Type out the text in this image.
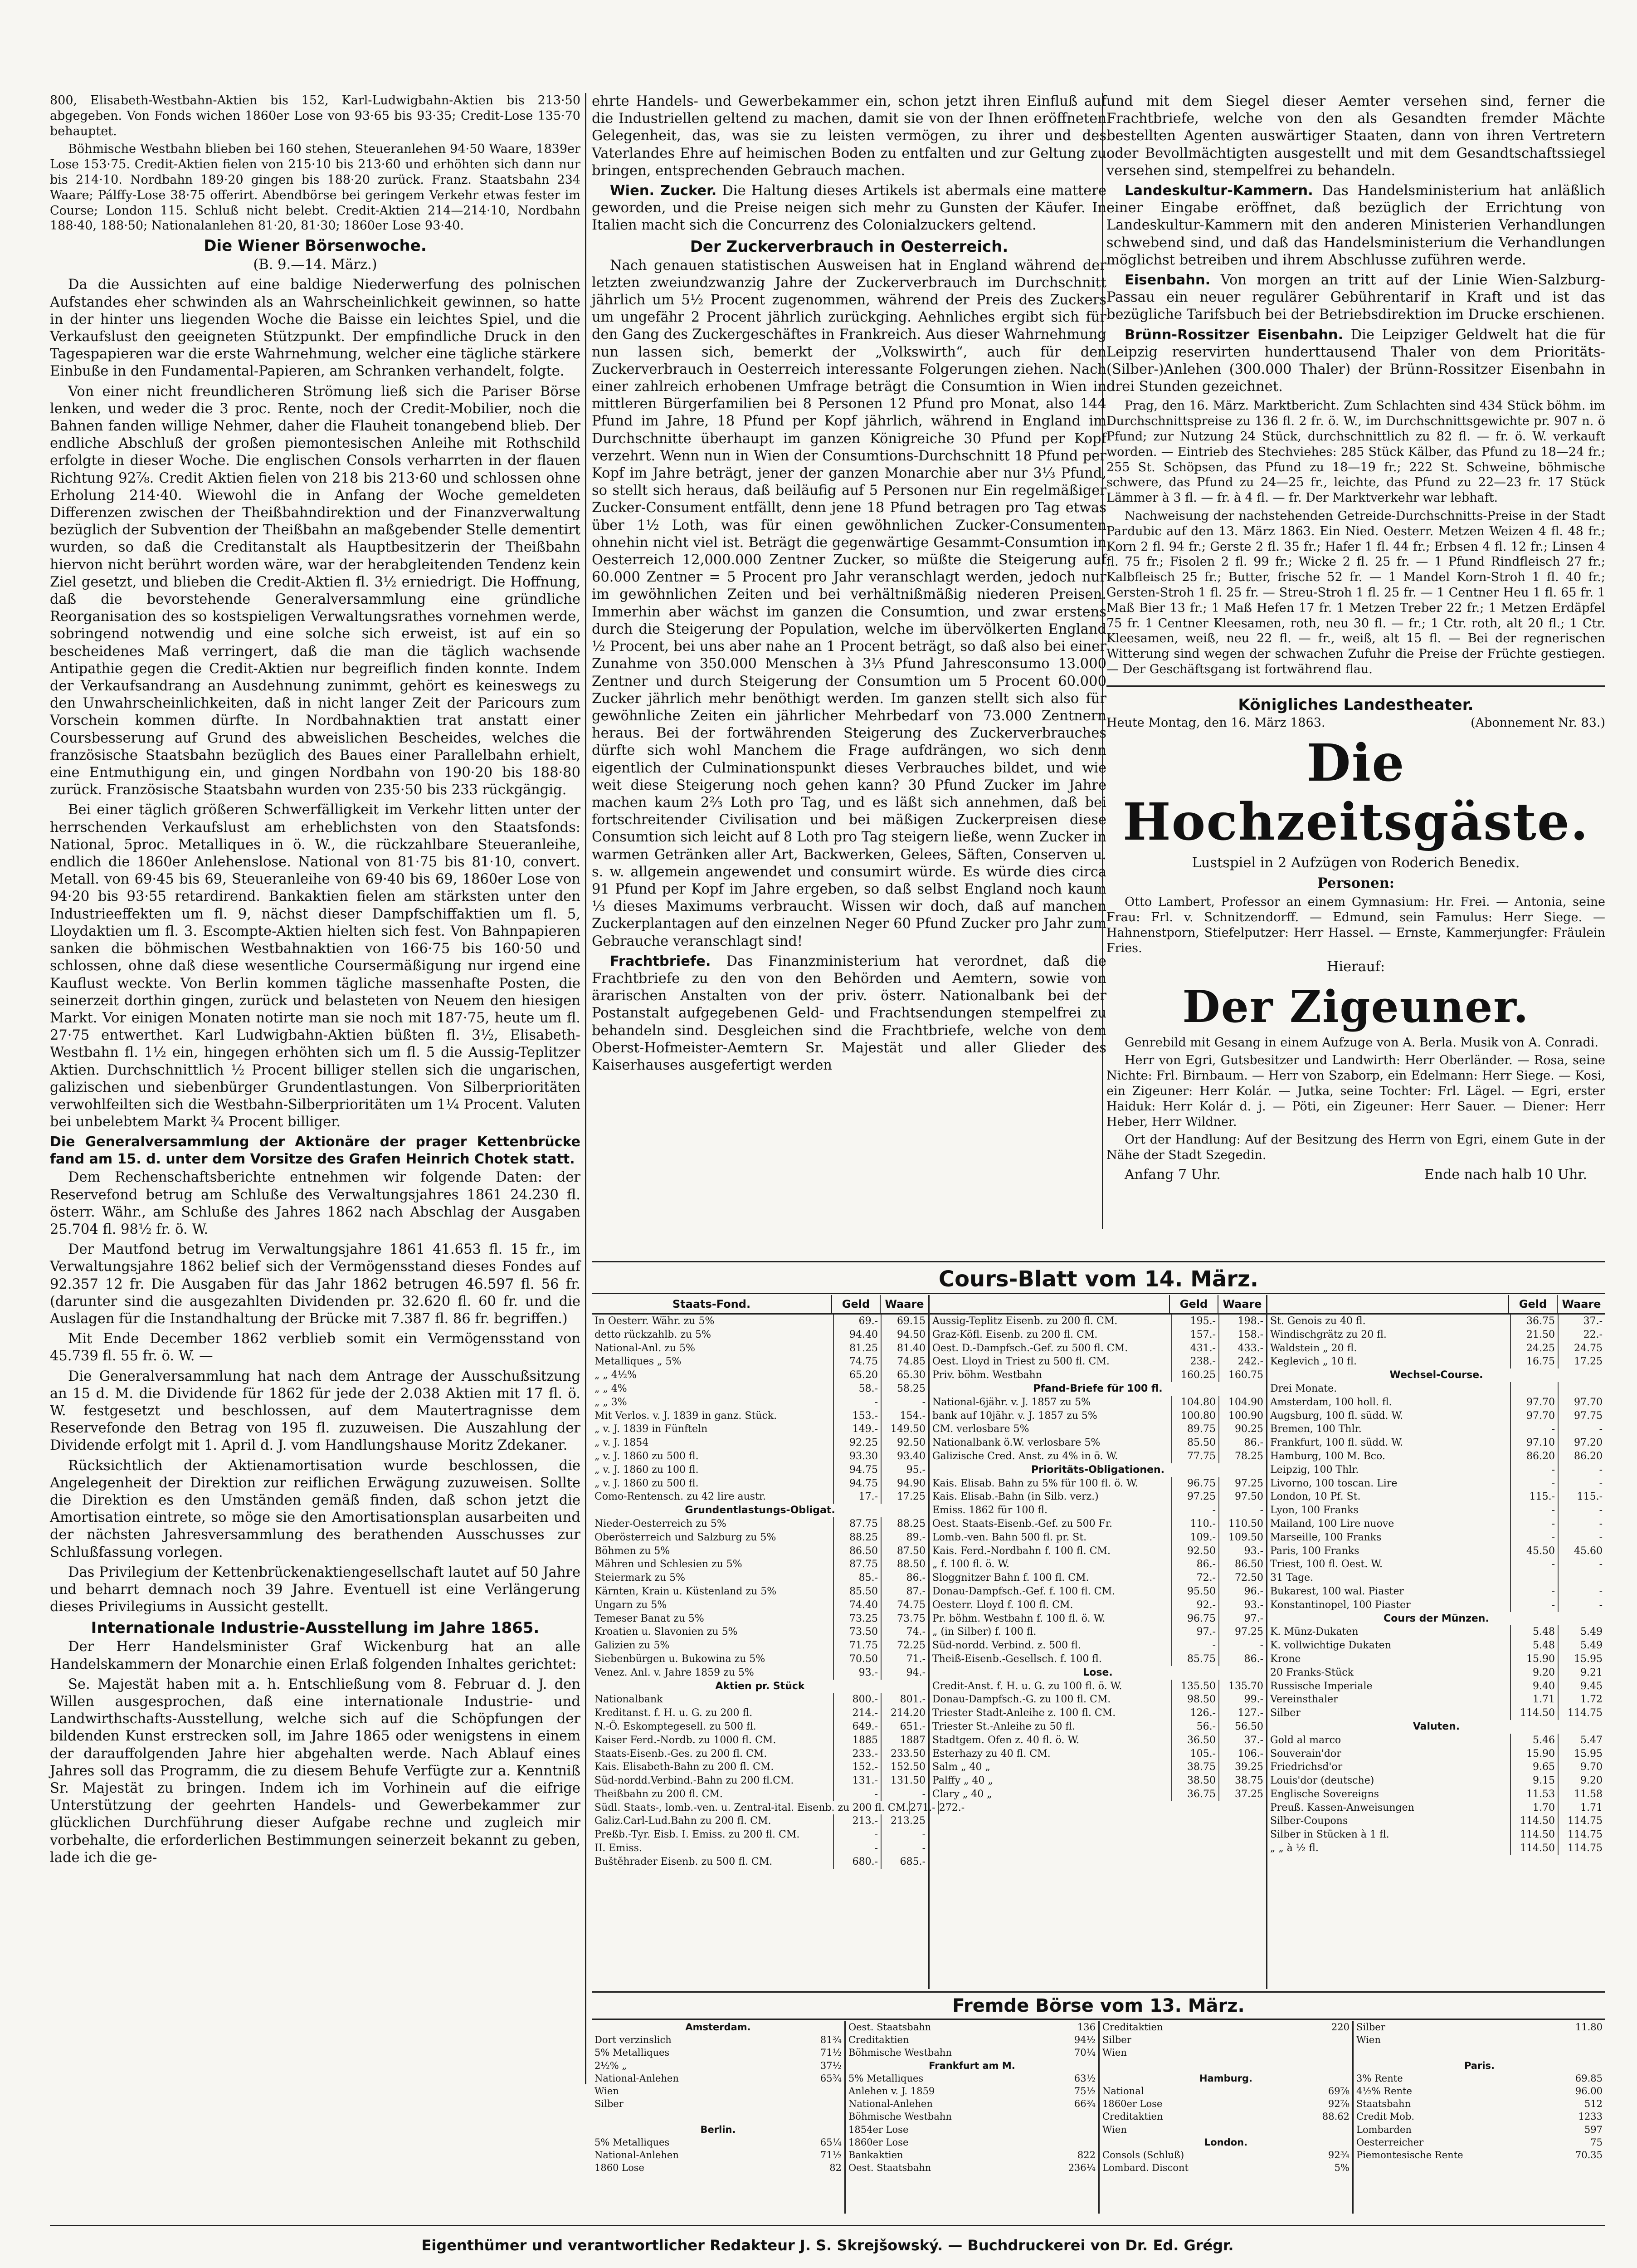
800, Elisabeth-Westbahn-Aktien bis 152, Karl-Ludwigbahn-Aktien bis 213·50 abgegeben. Von Fonds wichen 1860er Lose von 93·65 bis 93·35; Credit-Lose 135·70 behauptet.

Böhmische Westbahn blieben bei 160 stehen, Steueranlehen 94·50 Waare, 1839er Lose 153·75. Credit-Aktien fielen von 215·10 bis 213·60 und erhöhten sich dann nur bis 214·10. Nordbahn 189·20 gingen bis 188·20 zurück. Franz. Staatsbahn 234 Waare; Pálffy-Lose 38·75 offerirt. Abendbörse bei geringem Verkehr etwas fester im Course; London 115. Schluß nicht belebt. Credit-Aktien 214—214·10, Nordbahn 188·40, 188·50; Nationalanlehen 81·20, 81·30; 1860er Lose 93·40.

Die Wiener Börsenwoche.
(B. 9.—14. März.)

Da die Aussichten auf eine baldige Niederwerfung des polnischen Aufstandes eher schwinden als an Wahrscheinlichkeit gewinnen, so hatte in der hinter uns liegenden Woche die Baisse ein leichtes Spiel, und die Verkaufslust den geeigneten Stützpunkt. Der empfindliche Druck in den Tagespapieren war die erste Wahrnehmung, welcher eine tägliche stärkere Einbuße in den Fundamental-Papieren, am Schranken verhandelt, folgte.

Von einer nicht freundlicheren Strömung ließ sich die Pariser Börse lenken, und weder die 3 proc. Rente, noch der Credit-Mobilier, noch die Bahnen fanden willige Nehmer, daher die Flauheit tonangebend blieb. Der endliche Abschluß der großen piemontesischen Anleihe mit Rothschild erfolgte in dieser Woche. Die englischen Consols verharrten in der flauen Richtung 92⅞. Credit Aktien fielen von 218 bis 213·60 und schlossen ohne Erholung 214·40. Wiewohl die in Anfang der Woche gemeldeten Differenzen zwischen der Theißbahndirektion und der Finanzverwaltung bezüglich der Subvention der Theißbahn an maßgebender Stelle dementirt wurden, so daß die Creditanstalt als Hauptbesitzerin der Theißbahn hiervon nicht berührt worden wäre, war der herabgleitenden Tendenz kein Ziel gesetzt, und blieben die Credit-Aktien fl. 3½ erniedrigt. Die Hoffnung, daß die bevorstehende Generalversammlung eine gründliche Reorganisation des so kostspieligen Verwaltungsrathes vornehmen werde, sobringend notwendig und eine solche sich erweist, ist auf ein so bescheidenes Maß verringert, daß die man die täglich wachsende Antipathie gegen die Credit-Aktien nur begreiflich finden konnte. Indem der Verkaufsandrang an Ausdehnung zunimmt, gehört es keineswegs zu den Unwahrscheinlichkeiten, daß in nicht langer Zeit der Paricours zum Vorschein kommen dürfte. In Nordbahnaktien trat anstatt einer Coursbesserung auf Grund des abweislichen Bescheides, welches die französische Staatsbahn bezüglich des Baues einer Parallelbahn erhielt, eine Entmuthigung ein, und gingen Nordbahn von 190·20 bis 188·80 zurück. Französische Staatsbahn wurden von 235·50 bis 233 rückgängig.

Bei einer täglich größeren Schwerfälligkeit im Verkehr litten unter der herrschenden Verkaufslust am erheblichsten von den Staatsfonds: National, 5proc. Metalliques in ö. W., die rückzahlbare Steueranleihe, endlich die 1860er Anlehenslose. National von 81·75 bis 81·10, convert. Metall. von 69·45 bis 69, Steueranleihe von 69·40 bis 69, 1860er Lose von 94·20 bis 93·55 retardirend. Bankaktien fielen am stärksten unter den Industrieeffekten um fl. 9, nächst dieser Dampfschiffaktien um fl. 5, Lloydaktien um fl. 3. Escompte-Aktien hielten sich fest. Von Bahnpapieren sanken die böhmischen Westbahnaktien von 166·75 bis 160·50 und schlossen, ohne daß diese wesentliche Coursermäßigung nur irgend eine Kauflust weckte. Von Berlin kommen tägliche massenhafte Posten, die seinerzeit dorthin gingen, zurück und belasteten von Neuem den hiesigen Markt. Vor einigen Monaten notirte man sie noch mit 187·75, heute um fl. 27·75 entwerthet. Karl Ludwigbahn-Aktien büßten fl. 3½, Elisabeth-Westbahn fl. 1½ ein, hingegen erhöhten sich um fl. 5 die Aussig-Teplitzer Aktien. Durchschnittlich ½ Procent billiger stellen sich die ungarischen, galizischen und siebenbürger Grundentlastungen. Von Silberprioritäten verwohlfeilten sich die Westbahn-Silberprioritäten um 1¼ Procent. Valuten bei unbelebtem Markt ¾ Procent billiger.

Die Generalversammlung der Aktionäre der prager Kettenbrücke fand am 15. d. unter dem Vorsitze des Grafen Heinrich Chotek statt.

Dem Rechenschaftsberichte entnehmen wir folgende Daten: der Reservefond betrug am Schluße des Verwaltungsjahres 1861 24.230 fl. österr. Währ., am Schluße des Jahres 1862 nach Abschlag der Ausgaben 25.704 fl. 98½ fr. ö. W.

Der Mautfond betrug im Verwaltungsjahre 1861 41.653 fl. 15 fr., im Verwaltungsjahre 1862 belief sich der Vermögensstand dieses Fondes auf 92.357 12 fr. Die Ausgaben für das Jahr 1862 betrugen 46.597 fl. 56 fr. (darunter sind die ausgezahlten Dividenden pr. 32.620 fl. 60 fr. und die Auslagen für die Instandhaltung der Brücke mit 7.387 fl. 86 fr. begriffen.)

Mit Ende December 1862 verblieb somit ein Vermögensstand von 45.739 fl. 55 fr. ö. W. —

Die Generalversammlung hat nach dem Antrage der Ausschußsitzung an 15 d. M. die Dividende für 1862 für jede der 2.038 Aktien mit 17 fl. ö. W. festgesetzt und beschlossen, auf dem Mautertragnisse dem Reservefonde den Betrag von 195 fl. zuzuweisen. Die Auszahlung der Dividende erfolgt mit 1. April d. J. vom Handlungshause Moritz Zdekaner.

Rücksichtlich der Aktienamortisation wurde beschlossen, die Angelegenheit der Direktion zur reiflichen Erwägung zuzuweisen. Sollte die Direktion es den Umständen gemäß finden, daß schon jetzt die Amortisation eintrete, so möge sie den Amortisationsplan ausarbeiten und der nächsten Jahresversammlung des berathenden Ausschusses zur Schlußfassung vorlegen.

Das Privilegium der Kettenbrückenaktiengesellschaft lautet auf 50 Jahre und beharrt demnach noch 39 Jahre. Eventuell ist eine Verlängerung dieses Privilegiums in Aussicht gestellt.

Internationale Industrie-Ausstellung im Jahre 1865.

Der Herr Handelsminister Graf Wickenburg hat an alle Handelskammern der Monarchie einen Erlaß folgenden Inhaltes gerichtet:

Se. Majestät haben mit a. h. Entschließung vom 8. Februar d. J. den Willen ausgesprochen, daß eine internationale Industrie- und Landwirthschafts-Ausstellung, welche sich auf die Schöpfungen der bildenden Kunst erstrecken soll, im Jahre 1865 oder wenigstens in einem der darauffolgenden Jahre hier abgehalten werde. Nach Ablauf eines Jahres soll das Programm, die zu diesem Behufe Verfügte zur a. Kenntniß Sr. Majestät zu bringen. Indem ich im Vorhinein auf die eifrige Unterstützung der geehrten Handels- und Gewerbekammer zur glücklichen Durchführung dieser Aufgabe rechne und zugleich mir vorbehalte, die erforderlichen Bestimmungen seinerzeit bekannt zu geben, lade ich die ge-

ehrte Handels- und Gewerbekammer ein, schon jetzt ihren Einfluß auf die Industriellen geltend zu machen, damit sie von der Ihnen eröffneten Gelegenheit, das, was sie zu leisten vermögen, zu ihrer und des Vaterlandes Ehre auf heimischen Boden zu entfalten und zur Geltung zu bringen, entsprechenden Gebrauch machen.

Wien. Zucker. Die Haltung dieses Artikels ist abermals eine mattere geworden, und die Preise neigen sich mehr zu Gunsten der Käufer. In Italien macht sich die Concurrenz des Colonialzuckers geltend.

Der Zuckerverbrauch in Oesterreich.

Nach genauen statistischen Ausweisen hat in England während der letzten zweiundzwanzig Jahre der Zuckerverbrauch im Durchschnitt jährlich um 5½ Procent zugenommen, während der Preis des Zuckers um ungefähr 2 Procent jährlich zurückging. Aehnliches ergibt sich für den Gang des Zuckergeschäftes in Frankreich. Aus dieser Wahrnehmung nun lassen sich, bemerkt der „Volkswirth“, auch für den Zuckerverbrauch in Oesterreich interessante Folgerungen ziehen. Nach einer zahlreich erhobenen Umfrage beträgt die Consumtion in Wien in mittleren Bürgerfamilien bei 8 Personen 12 Pfund pro Monat, also 144 Pfund im Jahre, 18 Pfund per Kopf jährlich, während in England im Durchschnitte überhaupt im ganzen Königreiche 30 Pfund per Kopf verzehrt. Wenn nun in Wien der Consumtions-Durchschnitt 18 Pfund per Kopf im Jahre beträgt, jener der ganzen Monarchie aber nur 3⅓ Pfund, so stellt sich heraus, daß beiläufig auf 5 Personen nur Ein regelmäßiger Zucker-Consument entfällt, denn jene 18 Pfund betragen pro Tag etwas über 1½ Loth, was für einen gewöhnlichen Zucker-Consumenten ohnehin nicht viel ist. Beträgt die gegenwärtige Gesammt-Consumtion in Oesterreich 12,000.000 Zentner Zucker, so müßte die Steigerung auf 60.000 Zentner = 5 Procent pro Jahr veranschlagt werden, jedoch nur im gewöhnlichen Zeiten und bei verhältnißmäßig niederen Preisen. Immerhin aber wächst im ganzen die Consumtion, und zwar erstens durch die Steigerung der Population, welche im übervölkerten England ½ Procent, bei uns aber nahe an 1 Procent beträgt, so daß also bei einer Zunahme von 350.000 Menschen à 3⅓ Pfund Jahresconsumo 13.000 Zentner und durch Steigerung der Consumtion um 5 Procent 60.000 Zucker jährlich mehr benöthigt werden. Im ganzen stellt sich also für gewöhnliche Zeiten ein jährlicher Mehrbedarf von 73.000 Zentnern heraus. Bei der fortwährenden Steigerung des Zuckerverbrauches dürfte sich wohl Manchem die Frage aufdrängen, wo sich denn eigentlich der Culminationspunkt dieses Verbrauches bildet, und wie weit diese Steigerung noch gehen kann? 30 Pfund Zucker im Jahre machen kaum 2⅔ Loth pro Tag, und es läßt sich annehmen, daß bei fortschreitender Civilisation und bei mäßigen Zuckerpreisen diese Consumtion sich leicht auf 8 Loth pro Tag steigern ließe, wenn Zucker in warmen Getränken aller Art, Backwerken, Gelees, Säften, Conserven u. s. w. allgemein angewendet und consumirt würde. Es würde dies circa 91 Pfund per Kopf im Jahre ergeben, so daß selbst England noch kaum ⅓ dieses Maximums verbraucht. Wissen wir doch, daß auf manchen Zuckerplantagen auf den einzelnen Neger 60 Pfund Zucker pro Jahr zum Gebrauche veranschlagt sind!

Frachtbriefe. Das Finanzministerium hat verordnet, daß die Frachtbriefe zu den von den Behörden und Aemtern, sowie von ärarischen Anstalten von der priv. österr. Nationalbank bei der Postanstalt aufgegebenen Geld- und Frachtsendungen stempelfrei zu behandeln sind. Desgleichen sind die Frachtbriefe, welche von dem Oberst-Hofmeister-Aemtern Sr. Majestät und aller Glieder des Kaiserhauses ausgefertigt werden

und mit dem Siegel dieser Aemter versehen sind, ferner die Frachtbriefe, welche von den als Gesandten fremder Mächte bestellten Agenten auswärtiger Staaten, dann von ihren Vertretern oder Bevollmächtigten ausgestellt und mit dem Gesandtschaftssiegel versehen sind, stempelfrei zu behandeln.

Landeskultur-Kammern. Das Handelsministerium hat anläßlich einer Eingabe eröffnet, daß bezüglich der Errichtung von Landeskultur-Kammern mit den anderen Ministerien Verhandlungen schwebend sind, und daß das Handelsministerium die Verhandlungen möglichst betreiben und ihrem Abschlusse zuführen werde.

Eisenbahn. Von morgen an tritt auf der Linie Wien-Salzburg-Passau ein neuer regulärer Gebührentarif in Kraft und ist das bezügliche Tarifsbuch bei der Betriebsdirektion im Drucke erschienen.

Brünn-Rossitzer Eisenbahn. Die Leipziger Geldwelt hat die für Leipzig reservirten hunderttausend Thaler von dem Prioritäts-(Silber-)Anlehen (300.000 Thaler) der Brünn-Rossitzer Eisenbahn in drei Stunden gezeichnet.

Prag, den 16. März. Marktbericht. Zum Schlachten sind 434 Stück böhm. im Durchschnittspreise zu 136 fl. 2 fr. ö. W., im Durchschnittsgewichte pr. 907 n. ö Pfund; zur Nutzung 24 Stück, durchschnittlich zu 82 fl. — fr. ö. W. verkauft worden. — Eintrieb des Stechviehes: 285 Stück Kälber, das Pfund zu 18—24 fr.; 255 St. Schöpsen, das Pfund zu 18—19 fr.; 222 St. Schweine, böhmische schwere, das Pfund zu 24—25 fr., leichte, das Pfund zu 22—23 fr. 17 Stück Lämmer à 3 fl. — fr. à 4 fl. — fr. Der Marktverkehr war lebhaft.

Nachweisung der nachstehenden Getreide-Durchschnitts-Preise in der Stadt Pardubic auf den 13. März 1863. Ein Nied. Oesterr. Metzen Weizen 4 fl. 48 fr.; Korn 2 fl. 94 fr.; Gerste 2 fl. 35 fr.; Hafer 1 fl. 44 fr.; Erbsen 4 fl. 12 fr.; Linsen 4 fl. 75 fr.; Fisolen 2 fl. 99 fr.; Wicke 2 fl. 25 fr. — 1 Pfund Rindfleisch 27 fr.; Kalbfleisch 25 fr.; Butter, frische 52 fr. — 1 Mandel Korn-Stroh 1 fl. 40 fr.; Gersten-Stroh 1 fl. 25 fr. — Streu-Stroh 1 fl. 25 fr. — 1 Centner Heu 1 fl. 65 fr. 1 Maß Bier 13 fr.; 1 Maß Hefen 17 fr. 1 Metzen Treber 22 fr.; 1 Metzen Erdäpfel 75 fr. 1 Centner Kleesamen, roth, neu 30 fl. — fr.; 1 Ctr. roth, alt 20 fl.; 1 Ctr. Kleesamen, weiß, neu 22 fl. — fr., weiß, alt 15 fl. — Bei der regnerischen Witterung sind wegen der schwachen Zufuhr die Preise der Früchte gestiegen. — Der Geschäftsgang ist fortwährend flau.

Königliches Landestheater.
Heute Montag, den 16. März 1863.	(Abonnement Nr. 83.)
Die Hochzeitsgäste.
Lustspiel in 2 Aufzügen von Roderich Benedix.
Personen:

Otto Lambert, Professor an einem Gymnasium: Hr. Frei. — Antonia, seine Frau: Frl. v. Schnitzendorff. — Edmund, sein Famulus: Herr Siege. — Hahnenstporn, Stiefelputzer: Herr Hassel. — Ernste, Kammerjungfer: Fräulein Fries.

Hierauf:
Der Zigeuner.

Genrebild mit Gesang in einem Aufzuge von A. Berla. Musik von A. Conradi.

Herr von Egri, Gutsbesitzer und Landwirth: Herr Oberländer. — Rosa, seine Nichte: Frl. Birnbaum. — Herr von Szaborp, ein Edelmann: Herr Siege. — Kosi, ein Zigeuner: Herr Kolár. — Jutka, seine Tochter: Frl. Lägel. — Egri, erster Haiduk: Herr Kolár d. j. — Pöti, ein Zigeuner: Herr Sauer. — Diener: Herr Heber, Herr Wildner.

Ort der Handlung: Auf der Besitzung des Herrn von Egri, einem Gute in der Nähe der Stadt Szegedin.

Anfang 7 Uhr.	Ende nach halb 10 Uhr.
Cours-Blatt vom 14. März.
Staats-Fond.	Geld	Waare
In Oesterr. Währ. zu 5%	69.-	69.15
detto rückzahlb. zu 5%	94.40	94.50
National-Anl. zu 5%	81.25	81.40
Metalliques „ 5%	74.75	74.85
„ „ 4½%	65.20	65.30
„ „ 4%	58.-	58.25
„ „ 3%	-	-
Mit Verlos. v. J. 1839 in ganz. Stück.	153.-	154.-
„ v. J. 1839 in Fünfteln	149.-	149.50
„ v. J. 1854	92.25	92.50
„ v. J. 1860 zu 500 fl.	93.30	93.40
„ v. J. 1860 zu 100 fl.	94.75	95.-
„ v. J. 1860 zu 500 fl.	94.75	94.90
Como-Rentensch. zu 42 lire austr.	17.-	17.25
Grundentlastungs-Obligat.
Nieder-Oesterreich zu 5%	87.75	88.25
Oberösterreich und Salzburg zu 5%	88.25	89.-
Böhmen zu 5%	86.50	87.50
Mähren und Schlesien zu 5%	87.75	88.50
Steiermark zu 5%	85.-	86.-
Kärnten, Krain u. Küstenland zu 5%	85.50	87.-
Ungarn zu 5%	74.40	74.75
Temeser Banat zu 5%	73.25	73.75
Kroatien u. Slavonien zu 5%	73.50	74.-
Galizien zu 5%	71.75	72.25
Siebenbürgen u. Bukowina zu 5%	70.50	71.-
Venez. Anl. v. Jahre 1859 zu 5%	93.-	94.-
Aktien pr. Stück
Nationalbank	800.-	801.-
Kreditanst. f. H. u. G. zu 200 fl.	214.-	214.20
N.-Ö. Eskomptegesell. zu 500 fl.	649.-	651.-
Kaiser Ferd.-Nordb. zu 1000 fl. CM.	1885	1887
Staats-Eisenb.-Ges. zu 200 fl. CM.	233.-	233.50
Kais. Elisabeth-Bahn zu 200 fl. CM.	152.-	152.50
Süd-nordd.Verbind.-Bahn zu 200 fl.CM.	131.-	131.50
Theißbahn zu 200 fl. CM.	-	-
Südl. Staats-, lomb.-ven. u. Zentral-ital. Eisenb. zu 200 fl. CM. 271.- 272.-
Galiz.Carl-Lud.Bahn zu 200 fl. CM.	213.-	213.25
Preßb.-Tyr. Eisb. I. Emiss. zu 200 fl. CM.	-	-
II. Emiss.	-	-
Buštěhrader Eisenb. zu 500 fl. CM.	680.-	685.-
Geld	Waare
Aussig-Teplitz Eisenb. zu 200 fl. CM.	195.-	198.-
Graz-Köfl. Eisenb. zu 200 fl. CM.	157.-	158.-
Oest. D.-Dampfsch.-Gef. zu 500 fl. CM.	431.-	433.-
Oest. Lloyd in Triest zu 500 fl. CM.	238.-	242.-
Priv. böhm. Westbahn	160.25	160.75
Pfand-Briefe für 100 fl.
National-6jähr. v. J. 1857 zu 5%	104.80	104.90
bank auf 10jähr. v. J. 1857 zu 5%	100.80	100.90
CM. verlosbare 5%	89.75	90.25
Nationalbank ö.W. verlosbare 5%	85.50	86.-
Galizische Cred. Anst. zu 4% in ö. W.	77.75	78.25
Prioritäts-Obligationen.
Kais. Elisab. Bahn zu 5% für 100 fl. ö. W.	96.75	97.25
Kais. Elisab.-Bahn (in Silb. verz.)	97.25	97.50
Emiss. 1862 für 100 fl.	-	-
Oest. Staats-Eisenb.-Gef. zu 500 Fr.	110.-	110.50
Lomb.-ven. Bahn 500 fl. pr. St.	109.-	109.50
Kais. Ferd.-Nordbahn f. 100 fl. CM.	92.50	93.-
„ f. 100 fl. ö. W.	86.-	86.50
Sloggnitzer Bahn f. 100 fl. CM.	72.-	72.50
Donau-Dampfsch.-Gef. f. 100 fl. CM.	95.50	96.-
Oesterr. Lloyd f. 100 fl. CM.	92.-	93.-
Pr. böhm. Westbahn f. 100 fl. ö. W.	96.75	97.-
„ (in Silber) f. 100 fl.	97.-	97.25
Süd-nordd. Verbind. z. 500 fl.	-	-
Theiß-Eisenb.-Gesellsch. f. 100 fl.	85.75	86.-
Lose.
Credit-Anst. f. H. u. G. zu 100 fl. ö. W.	135.50	135.70
Donau-Dampfsch.-G. zu 100 fl. CM.	98.50	99.-
Triester Stadt-Anleihe z. 100 fl. CM.	126.-	127.-
Triester St.-Anleihe zu 50 fl.	56.-	56.50
Stadtgem. Ofen z. 40 fl. ö. W.	36.50	37.-
Esterhazy zu 40 fl. CM.	105.-	106.-
Salm „ 40 „	38.75	39.25
Palffy „ 40 „	38.50	38.75
Clary „ 40 „	36.75	37.25
Geld	Waare
St. Genois zu 40 fl.	36.75	37.-
Windischgrätz zu 20 fl.	21.50	22.-
Waldstein „ 20 fl.	24.25	24.75
Keglevich „ 10 fl.	16.75	17.25
Wechsel-Course.
Drei Monate.
Amsterdam, 100 holl. fl.	97.70	97.70
Augsburg, 100 fl. südd. W.	97.70	97.75
Bremen, 100 Thlr.	-	-
Frankfurt, 100 fl. südd. W.	97.10	97.20
Hamburg, 100 M. Bco.	86.20	86.20
Leipzig, 100 Thlr.	-	-
Livorno, 100 toscan. Lire	-	-
London, 10 Pf. St.	115.-	115.-
Lyon, 100 Franks	-	-
Mailand, 100 Lire nuove	-	-
Marseille, 100 Franks	-	-
Paris, 100 Franks	45.50	45.60
Triest, 100 fl. Oest. W.	-	-
31 Tage.
Bukarest, 100 wal. Piaster	-	-
Konstantinopel, 100 Piaster	-	-
Cours der Münzen.
K. Münz-Dukaten	5.48	5.49
K. vollwichtige Dukaten	5.48	5.49
Krone	15.90	15.95
20 Franks-Stück	9.20	9.21
Russische Imperiale	9.40	9.45
Vereinsthaler	1.71	1.72
Silber	114.50	114.75
Valuten.
Gold al marco	5.46	5.47
Souverain'dor	15.90	15.95
Friedrichsd'or	9.65	9.70
Louis'dor (deutsche)	9.15	9.20
Englische Sovereigns	11.53	11.58
Preuß. Kassen-Anweisungen	1.70	1.71
Silber-Coupons	114.50	114.75
Silber in Stücken à 1 fl.	114.50	114.75
„ „ à ½ fl.	114.50	114.75
Fremde Börse vom 13. März.
Amsterdam.
Dort verzinslich	81¾
5% Metalliques	71½
2½% „	37½
National-Anlehen	65¾
Wien
Silber
Berlin.
5% Metalliques	65¼
National-Anlehen	71½
1860 Lose	82
Oest. Staatsbahn	136
Creditaktien	94½
Böhmische Westbahn	70¼
Frankfurt am M.
5% Metalliques	63½
Anlehen v. J. 1859	75½
National-Anlehen	66¾
Böhmische Westbahn
1854er Lose
1860er Lose
Bankaktien	822
Oest. Staatsbahn	236¼
Creditaktien	220
Silber
Wien
Hamburg.
National	69⅞
1860er Lose	92⅞
Creditaktien	88.62
Wien
London.
Consols (Schluß)	92¾
Lombard. Discont	5%
Silber	11.80
Wien
Paris.
3% Rente	69.85
4½% Rente	96.00
Staatsbahn	512
Credit Mob.	1233
Lombarden	597
Oesterreicher	75
Piemontesische Rente	70.35
Eigenthümer und verantwortlicher Redakteur J. S. Skrejšowský. — Buchdruckerei von Dr. Ed. Grégr.
